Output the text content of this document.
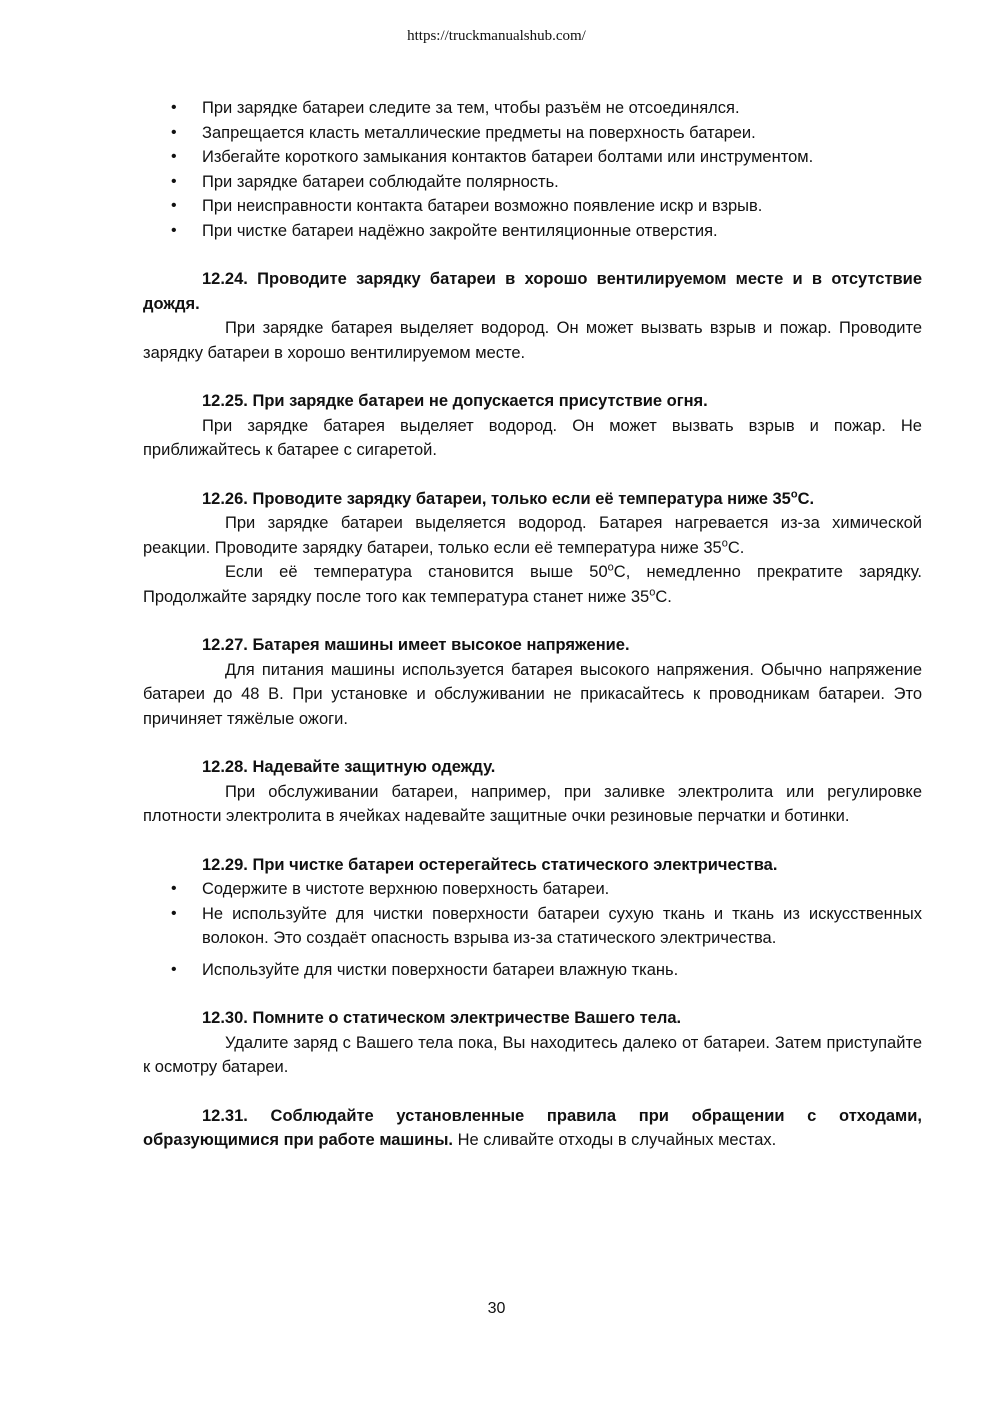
https://truckmanualshub.com/
• При зарядке батареи следите за тем, чтобы разъём не отсоединялся.
• Запрещается класть металлические предметы на поверхность батареи.
• Избегайте короткого замыкания контактов батареи болтами или инструментом.
• При зарядке батареи соблюдайте полярность.
• При неисправности контакта батареи возможно появление искр и взрыв.
• При чистке батареи надёжно закройте вентиляционные отверстия.
12.24. Проводите зарядку батареи в хорошо вентилируемом месте и в отсутствие дождя.
При зарядке батарея выделяет водород. Он может вызвать взрыв и пожар. Проводите зарядку батареи в хорошо вентилируемом месте.
12.25. При зарядке батареи не допускается присутствие огня.
При зарядке батарея выделяет водород. Он может вызвать взрыв и пожар. Не приближайтесь к батарее с сигаретой.
12.26. Проводите зарядку батареи, только если её температура ниже 35$^o$C.
При зарядке батареи выделяется водород. Батарея нагревается из-за химической реакции. Проводите зарядку батареи, только если её температура ниже 35$^o$C.
Если её температура становится выше 50$^o$C, немедленно прекратите зарядку. Продолжайте зарядку после того как температура станет ниже 35$^o$C.
12.27. Батарея машины имеет высокое напряжение.
Для питания машины используется батарея высокого напряжения. Обычно напряжение батареи до 48 В. При установке и обслуживании не прикасайтесь к проводникам батареи. Это причиняет тяжёлые ожоги.
12.28. Надевайте защитную одежду.
При обслуживании батареи, например, при заливке электролита или регулировке плотности электролита в ячейках надевайте защитные очки резиновые перчатки и ботинки.
12.29. При чистке батареи остерегайтесь статического электричества.
• Содержите в чистоте верхнюю поверхность батареи.
• Не используйте для чистки поверхности батареи сухую ткань и ткань из искусственных волокон. Это создаёт опасность взрыва из-за статического электричества.
• Используйте для чистки поверхности батареи влажную ткань.
12.30. Помните о статическом электричестве Вашего тела.
Удалите заряд с Вашего тела пока, Вы находитесь далеко от батареи. Затем приступайте к осмотру батареи.
12.31. Соблюдайте установленные правила при обращении с отходами, образующимися при работе машины. Не сливайте отходы в случайных местах.
30
